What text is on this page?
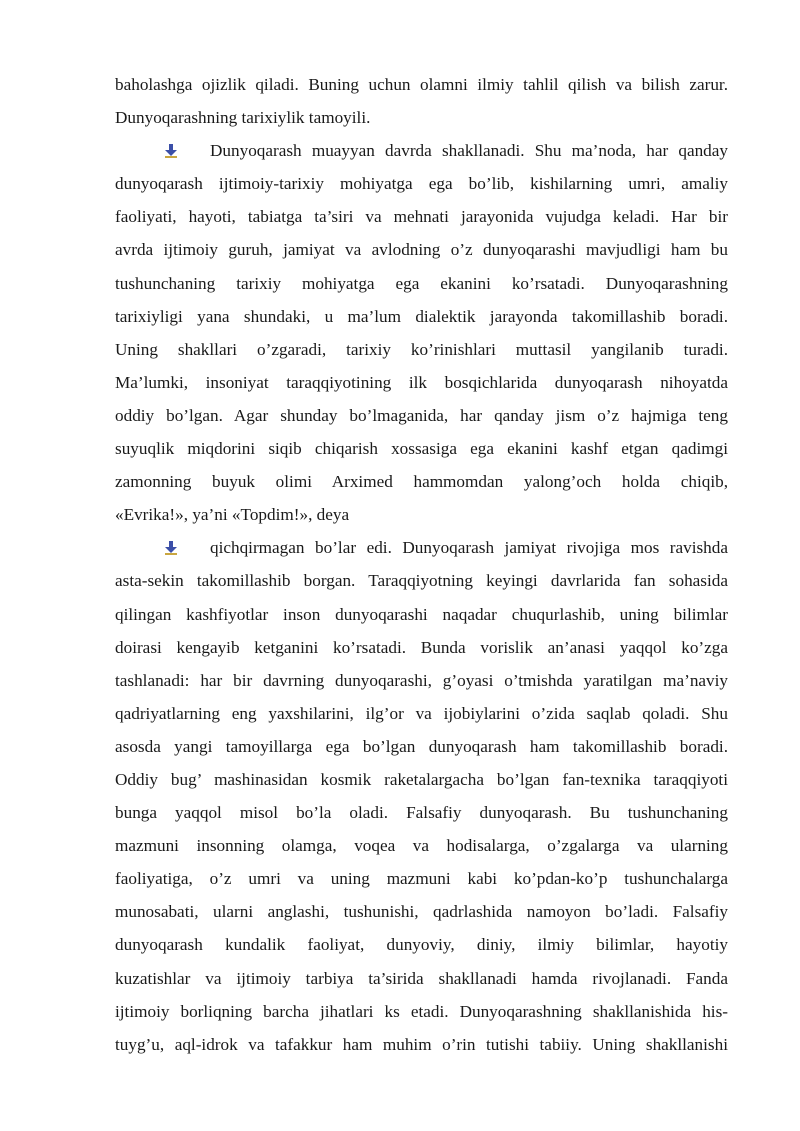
baholashga ojizlik qiladi. Buning uchun olamni ilmiy tahlil qilish va bilish zarur.
Dunyoqarashning tarixiylik tamoyili.
Dunyoqarash muayyan davrda shakllanadi. Shu ma’noda, har qanday
dunyoqarash ijtimoiy-tarixiy mohiyatga ega bo’lib, kishilarning umri, amaliy
faoliyati, hayoti, tabiatga ta’siri va mehnati jarayonida vujudga keladi. Har bir
avrda ijtimoiy guruh, jamiyat va avlodning o’z dunyoqarashi mavjudligi ham bu
tushunchaning tarixiy mohiyatga ega ekanini ko’rsatadi. Dunyoqarashning
tarixiyligi yana shundaki, u ma’lum dialektik jarayonda takomillashib boradi.
Uning shakllari o’zgaradi, tarixiy ko’rinishlari muttasil yangilanib turadi.
Ma’lumki, insoniyat taraqqiyotining ilk bosqichlarida dunyoqarash nihoyatda
oddiy bo’lgan. Agar shunday bo’lmaganida, har qanday jism o’z hajmiga teng
suyuqlik miqdorini siqib chiqarish xossasiga ega ekanini kashf etgan qadimgi
zamonning buyuk olimi Arximed hammomdan yalong’och holda chiqib,
«Evrika!», ya’ni «Topdim!», deya
qichqirmagan bo’lar edi. Dunyoqarash jamiyat rivojiga mos ravishda
asta-sekin takomillashib borgan. Taraqqiyotning keyingi davrlarida fan sohasida
qilingan kashfiyotlar inson dunyoqarashi naqadar chuqurlashib, uning bilimlar
doirasi kengayib ketganini ko’rsatadi. Bunda vorislik an’anasi yaqqol ko’zga
tashlanadi: har bir davrning dunyoqarashi, g’oyasi o’tmishda yaratilgan ma’naviy
qadriyatlarning eng yaxshilarini, ilg’or va ijobiylarini o’zida saqlab qoladi. Shu
asosda yangi tamoyillarga ega bo’lgan dunyoqarash ham takomillashib boradi.
Oddiy bug’ mashinasidan kosmik raketalargacha bo’lgan fan-texnika taraqqiyoti
bunga yaqqol misol bo’la oladi. Falsafiy dunyoqarash. Bu tushunchaning
mazmuni insonning olamga, voqea va hodisalarga, o’zgalarga va ularning
faoliyatiga, o’z umri va uning mazmuni kabi ko’pdan-ko’p tushunchalarga
munosabati, ularni anglashi, tushunishi, qadrlashida namoyon bo’ladi. Falsafiy
dunyoqarash kundalik faoliyat, dunyoviy, diniy, ilmiy bilimlar, hayotiy
kuzatishlar va ijtimoiy tarbiya ta’sirida shakllanadi hamda rivojlanadi. Fanda
ijtimoiy borliqning barcha jihatlari ks etadi. Dunyoqarashning shakllanishida his-
tuyg’u, aql-idrok va tafakkur ham muhim o’rin tutishi tabiiy. Uning shakllanishi
